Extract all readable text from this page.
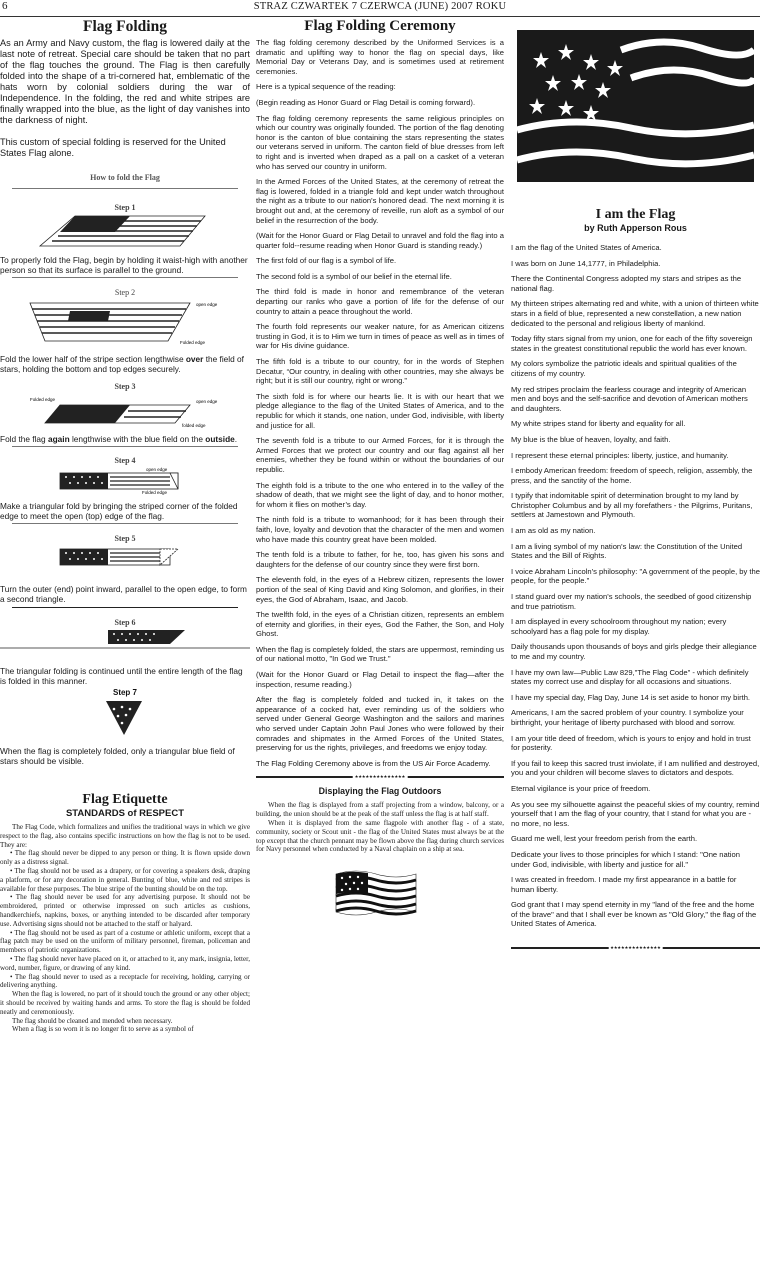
6	STRAZ CZWARTEK 7 CZERWCA (JUNE) 2007 ROKU
Flag Folding

As an Army and Navy custom, the flag is lowered daily at the last note of retreat. Special care should be taken that no part of the flag touches the ground. The Flag is then carefully folded into the shape of a tri-cornered hat, emblematic of the hats worn by colonial soldiers during the war of Independence. In the folding, the red and white stripes are finally wrapped into the blue, as the light of day vanishes into the darkness of night.

This custom of special folding is reserved for the United States Flag alone.

How to fold the Flag
Step 1

To properly fold the Flag, begin by holding it waist-high with another person so that its surface is parallel to the ground.

Step 2
open edge
Folded edge

Fold the lower half of the stripe section lengthwise over the field of stars, holding the bottom and top edges securely.

Step 3
Folded edge	open edge
folded edge

Fold the flag again lengthwise with the blue field on the outside.

Step 4
open edge
Folded edge

Make a triangular fold by bringing the striped corner of the folded edge to meet the open (top) edge of the flag.

Step 5

Turn the outer (end) point inward, parallel to the open edge, to form a second triangle.

Step 6

The triangular folding is continued until the entire length of the flag is folded in this manner.

Step 7

When the flag is completely folded, only a triangular blue field of stars should be visible.

Flag Etiquette
STANDARDS of RESPECT

The Flag Code, which formalizes and unifies the traditional ways in which we give respect to the flag, also contains specific instructions on how the flag is not to be used. They are:

• The flag should never be dipped to any person or thing. It is flown upside down only as a distress signal.

• The flag should not be used as a drapery, or for covering a speakers desk, draping a platform, or for any decoration in general. Bunting of blue, white and red stripes is available for these purposes. The blue stripe of the bunting should be on the top.

• The flag should never be used for any advertising purpose. It should not be embroidered, printed or otherwise impressed on such articles as cushions, handkerchiefs, napkins, boxes, or anything intended to be discarded after temporary use. Advertising signs should not be attached to the staff or halyard.

• The flag should not be used as part of a costume or athletic uniform, except that a flag patch may be used on the uniform of military personnel, fireman, policeman and members of patriotic organizations.

• The flag should never have placed on it, or attached to it, any mark, insignia, letter, word, number, figure, or drawing of any kind.

• The flag should never to used as a receptacle for receiving, holding, carrying or delivering anything.

When the flag is lowered, no part of it should touch the ground or any other object; it should be received by waiting hands and arms. To store the flag is should be folded neatly and ceremoniously.

The flag should be cleaned and mended when necessary.

When a flag is so worn it is no longer fit to serve as a symbol of

Flag Folding Ceremony

The flag folding ceremony described by the Uniformed Services is a dramatic and uplifting way to honor the flag on special days, like Memorial Day or Veterans Day, and is sometimes used at retirement ceremonies.

Here is a typical sequence of the reading:

(Begin reading as Honor Guard or Flag Detail is coming forward).

The flag folding ceremony represents the same religious principles on which our country was originally founded. The portion of the flag denoting honor is the canton of blue containing the stars representing the states our veterans served in uniform. The canton field of blue dresses from left to right and is inverted when draped as a pall on a casket of a veteran who has served our country in uniform.

In the Armed Forces of the United States, at the ceremony of retreat the flag is lowered, folded in a triangle fold and kept under watch throughout the night as a tribute to our nation's honored dead. The next morning it is brought out and, at the ceremony of reveille, run aloft as a symbol of our belief in the resurrection of the body.

(Wait for the Honor Guard or Flag Detail to unravel and fold the flag into a quarter fold--resume reading when Honor Guard is standing ready.)

The first fold of our flag is a symbol of life.

The second fold is a symbol of our belief in the eternal life.

The third fold is made in honor and remembrance of the veteran departing our ranks who gave a portion of life for the defense of our country to attain a peace throughout the world.

The fourth fold represents our weaker nature, for as American citizens trusting in God, it is to Him we turn in times of peace as well as in times of war for His divine guidance.

The fifth fold is a tribute to our country, for in the words of Stephen Decatur, “Our country, in dealing with other countries, may she always be right; but it is still our country, right or wrong.”

The sixth fold is for where our hearts lie. It is with our heart that we pledge allegiance to the flag of the United States of America, and to the republic for which it stands, one nation, under God, indivisible, with liberty and justice for all.

The seventh fold is a tribute to our Armed Forces, for it is through the Armed Forces that we protect our country and our flag against all her enemies, whether they be found within or without the boundaries of our republic.

The eighth fold is a tribute to the one who entered in to the valley of the shadow of death, that we might see the light of day, and to honor mother, for whom it flies on mother’s day.

The ninth fold is a tribute to womanhood; for it has been through their faith, love, loyalty and devotion that the character of the men and women who have made this country great have been molded.

The tenth fold is a tribute to father, for he, too, has given his sons and daughters for the defense of our country since they were first born.

The eleventh fold, in the eyes of a Hebrew citizen, represents the lower portion of the seal of King David and King Solomon, and glorifies, in their eyes, the God of Abraham, Isaac, and Jacob.

The twelfth fold, in the eyes of a Christian citizen, represents an emblem of eternity and glorifies, in their eyes, God the Father, the Son, and Holy Ghost.

When the flag is completely folded, the stars are uppermost, reminding us of our national motto, "In God we Trust."

(Wait for the Honor Guard or Flag Detail to inspect the flag—after the inspection, resume reading.)

After the flag is completely folded and tucked in, it takes on the appearance of a cocked hat, ever reminding us of the soldiers who served under General George Washington and the sailors and marines who served under Captain John Paul Jones who were followed by their comrades and shipmates in the Armed Forces of the United States, preserving for us the rights, privileges, and freedoms we enjoy today.

The Flag Folding Ceremony above is from the US Air Force Academy.

★★★★★★★★★★★★★★
Displaying the Flag Outdoors

When the flag is displayed from a staff projecting from a window, balcony, or a building, the union should be at the peak of the staff unless the flag is at half staff.

When it is displayed from the same flagpole with another flag - of a state, community, society or Scout unit - the flag of the United States must always be at the top except that the church pennant may be flown above the flag during church services for Navy personnel when conducted by a Naval chaplain on a ship at sea.

I am the Flag
by Ruth Apperson Rous

I am the flag of the United States of America.

I was born on June 14,1777, in Philadelphia.

There the Continental Congress adopted my stars and stripes as the national flag.

My thirteen stripes alternating red and white, with a union of thirteen white stars in a field of blue, represented a new constellation, a new nation dedicated to the personal and religious liberty of mankind.

Today fifty stars signal from my union, one for each of the fifty sovereign states in the greatest constitutional republic the world has ever known.

My colors symbolize the patriotic ideals and spiritual qualities of the citizens of my country.

My red stripes proclaim the fearless courage and integrity of American men and boys and the self-sacrifice and devotion of American mothers and daughters.

My white stripes stand for liberty and equality for all.

My blue is the blue of heaven, loyalty, and faith.

I represent these eternal principles: liberty, justice, and humanity.

I embody American freedom: freedom of speech, religion, assembly, the press, and the sanctity of the home.

I typify that indomitable spirit of determination brought to my land by Christopher Columbus and by all my forefathers - the Pilgrims, Puritans, settlers at Jamestown and Plymouth.

I am as old as my nation.

I am a living symbol of my nation's law: the Constitution of the United States and the Bill of Rights.

I voice Abraham Lincoln's philosophy: "A government of the people, by the people, for the people."

I stand guard over my nation's schools, the seedbed of good citizenship and true patriotism.

I am displayed in every schoolroom throughout my nation; every schoolyard has a flag pole for my display.

Daily thousands upon thousands of boys and girls pledge their allegiance to me and my country.

I have my own law—Public Law 829,"The Flag Code" - which definitely states my correct use and display for all occasions and situations.

I have my special day, Flag Day, June 14 is set aside to honor my birth.

Americans, I am the sacred problem of your country. I symbolize your birthright, your heritage of liberty purchased with blood and sorrow.

I am your title deed of freedom, which is yours to enjoy and hold in trust for posterity.

If you fail to keep this sacred trust inviolate, if I am nullified and destroyed, you and your children will become slaves to dictators and despots.

Eternal vigilance is your price of freedom.

As you see my silhouette against the peaceful skies of my country, remind yourself that I am the flag of your country, that I stand for what you are - no more, no less.

Guard me well, lest your freedom perish from the earth.

Dedicate your lives to those principles for which I stand: "One nation under God, indivisible, with liberty and justice for all."

I was created in freedom. I made my first appearance in a battle for human liberty.

God grant that I may spend eternity in my "land of the free and the home of the brave" and that I shall ever be known as "Old Glory," the flag of the United States of America.

★★★★★★★★★★★★★★
